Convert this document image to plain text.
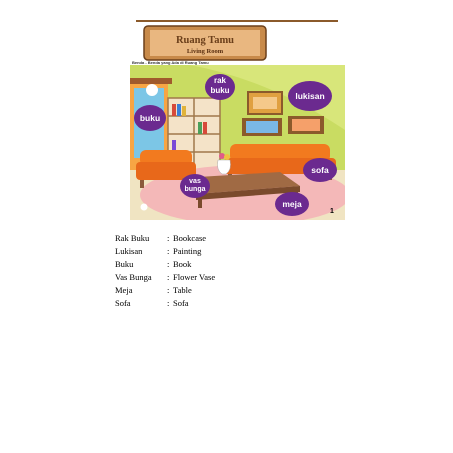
rak
buku
lukisan
buku
sofa
vas
bunga
meja
1
Ruang Tamu
Living Room
Benda - Benda yang Ada di Ruang Tamu
Rak Buku	: Bookcase
Lukisan	: Painting
Buku	: Book
Vas Bunga	: Flower Vase
Meja	: Table
Sofa	: Sofa
